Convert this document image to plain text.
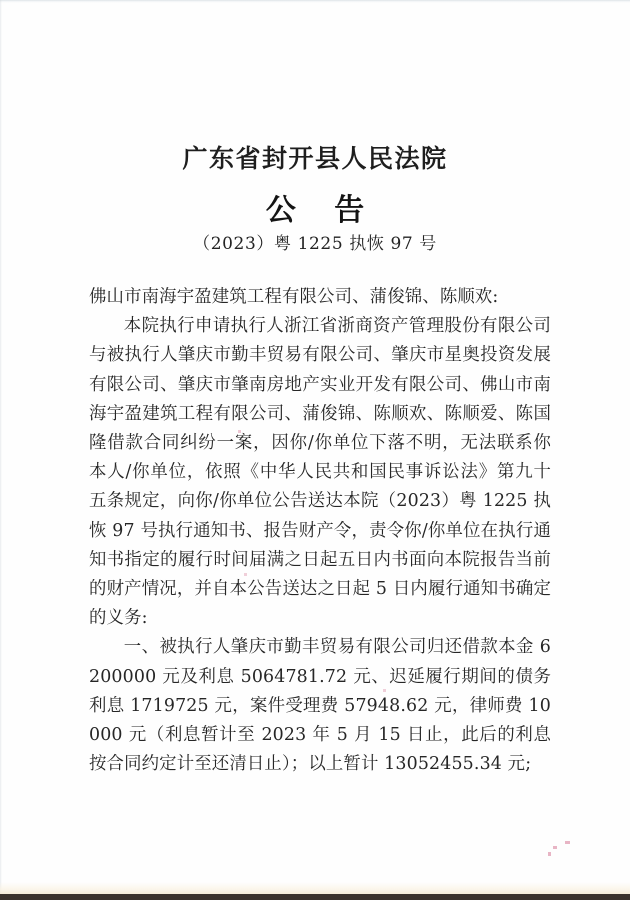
广东省封开县人民法院
公 告
（2023）粤 1225 执恢 97 号

佛山市南海宇盈建筑工程有限公司、蒲俊锦、陈顺欢:

本院执行申请执行人浙江省浙商资产管理股份有限公司与被执行人肇庆市勤丰贸易有限公司、肇庆市星奥投资发展有限公司、肇庆市肇南房地产实业开发有限公司、佛山市南海宇盈建筑工程有限公司、蒲俊锦、陈顺欢、陈顺爱、陈国隆借款合同纠纷一案，因你/你单位下落不明，无法联系你本人/你单位，依照《中华人民共和国民事诉讼法》第九十五条规定，向你/你单位公告送达本院（2023）粤 1225 执恢 97 号执行通知书、报告财产令，责令你/你单位在执行通知书指定的履行时间届满之日起五日内书面向本院报告当前的财产情况，并自本公告送达之日起 5 日内履行通知书确定的义务:

一、被执行人肇庆市勤丰贸易有限公司归还借款本金 6200000 元及利息 5064781.72 元、迟延履行期间的债务利息 1719725 元，案件受理费 57948.62 元，律师费 10000 元（利息暂计至 2023 年 5 月 15 日止，此后的利息按合同约定计至还清日止）；以上暂计 13052455.34 元;
